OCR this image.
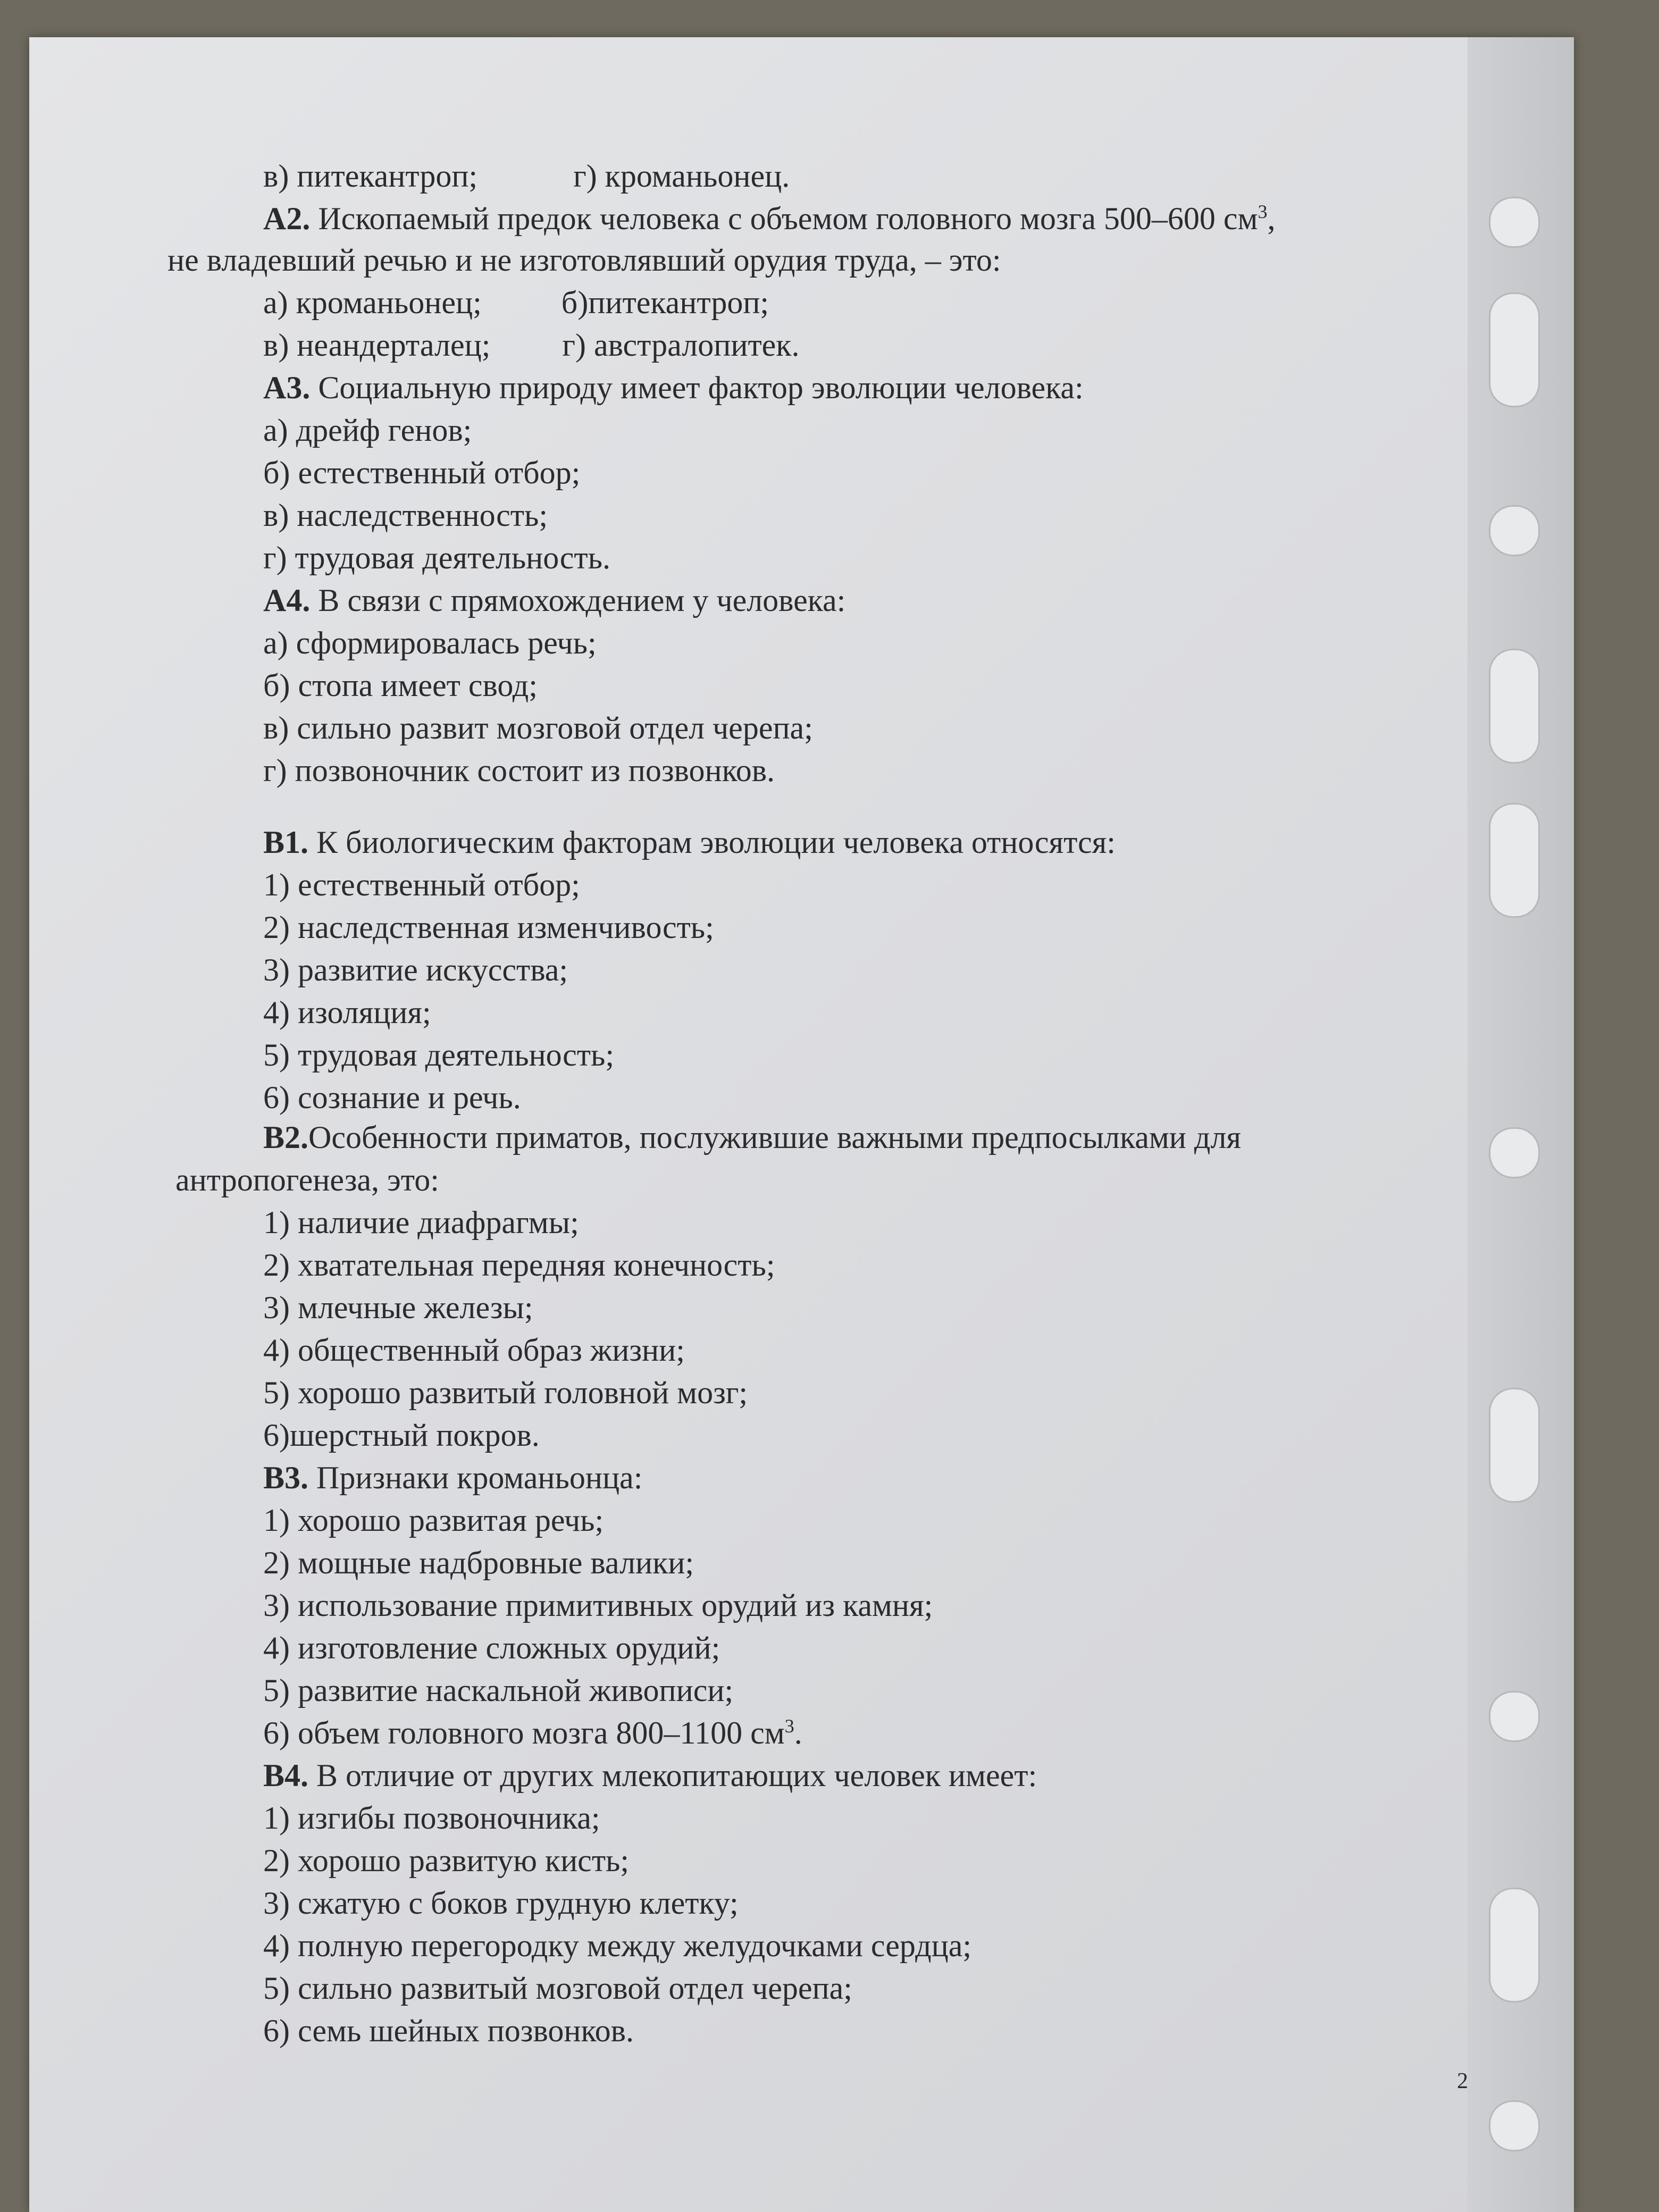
в) питекантроп;            г) кроманьонец.
А2. Ископаемый предок человека с объемом головного мозга 500–600 $см^3$,
не владевший речью и не изготовлявший орудия труда, – это:
а) кроманьонец;          б)питекантроп;
в) неандерталец;         г) австралопитек.
А3. Социальную природу имеет фактор эволюции человека:
а) дрейф генов;
б) естественный отбор;
в) наследственность;
г) трудовая деятельность.
А4. В связи с прямохождением у человека:
а) сформировалась речь;
б) стопа имеет свод;
в) сильно развит мозговой отдел черепа;
г) позвоночник состоит из позвонков.
В1. К биологическим факторам эволюции человека относятся:
1) естественный отбор;
2) наследственная изменчивость;
3) развитие искусства;
4) изоляция;
5) трудовая деятельность;
6) сознание и речь.
В2.Особенности приматов, послужившие важными предпосылками для
антропогенеза, это:
1) наличие диафрагмы;
2) хватательная передняя конечность;
3) млечные железы;
4) общественный образ жизни;
5) хорошо развитый головной мозг;
6)шерстный покров.
В3. Признаки кроманьонца:
1) хорошо развитая речь;
2) мощные надбровные валики;
3) использование примитивных орудий из камня;
4) изготовление сложных орудий;
5) развитие наскальной живописи;
6) объем головного мозга 800–1100 $см^3$.
В4. В отличие от других млекопитающих человек имеет:
1) изгибы позвоночника;
2) хорошо развитую кисть;
3) сжатую с боков грудную клетку;
4) полную перегородку между желудочками сердца;
5) сильно развитый мозговой отдел черепа;
6) семь шейных позвонков.
2
